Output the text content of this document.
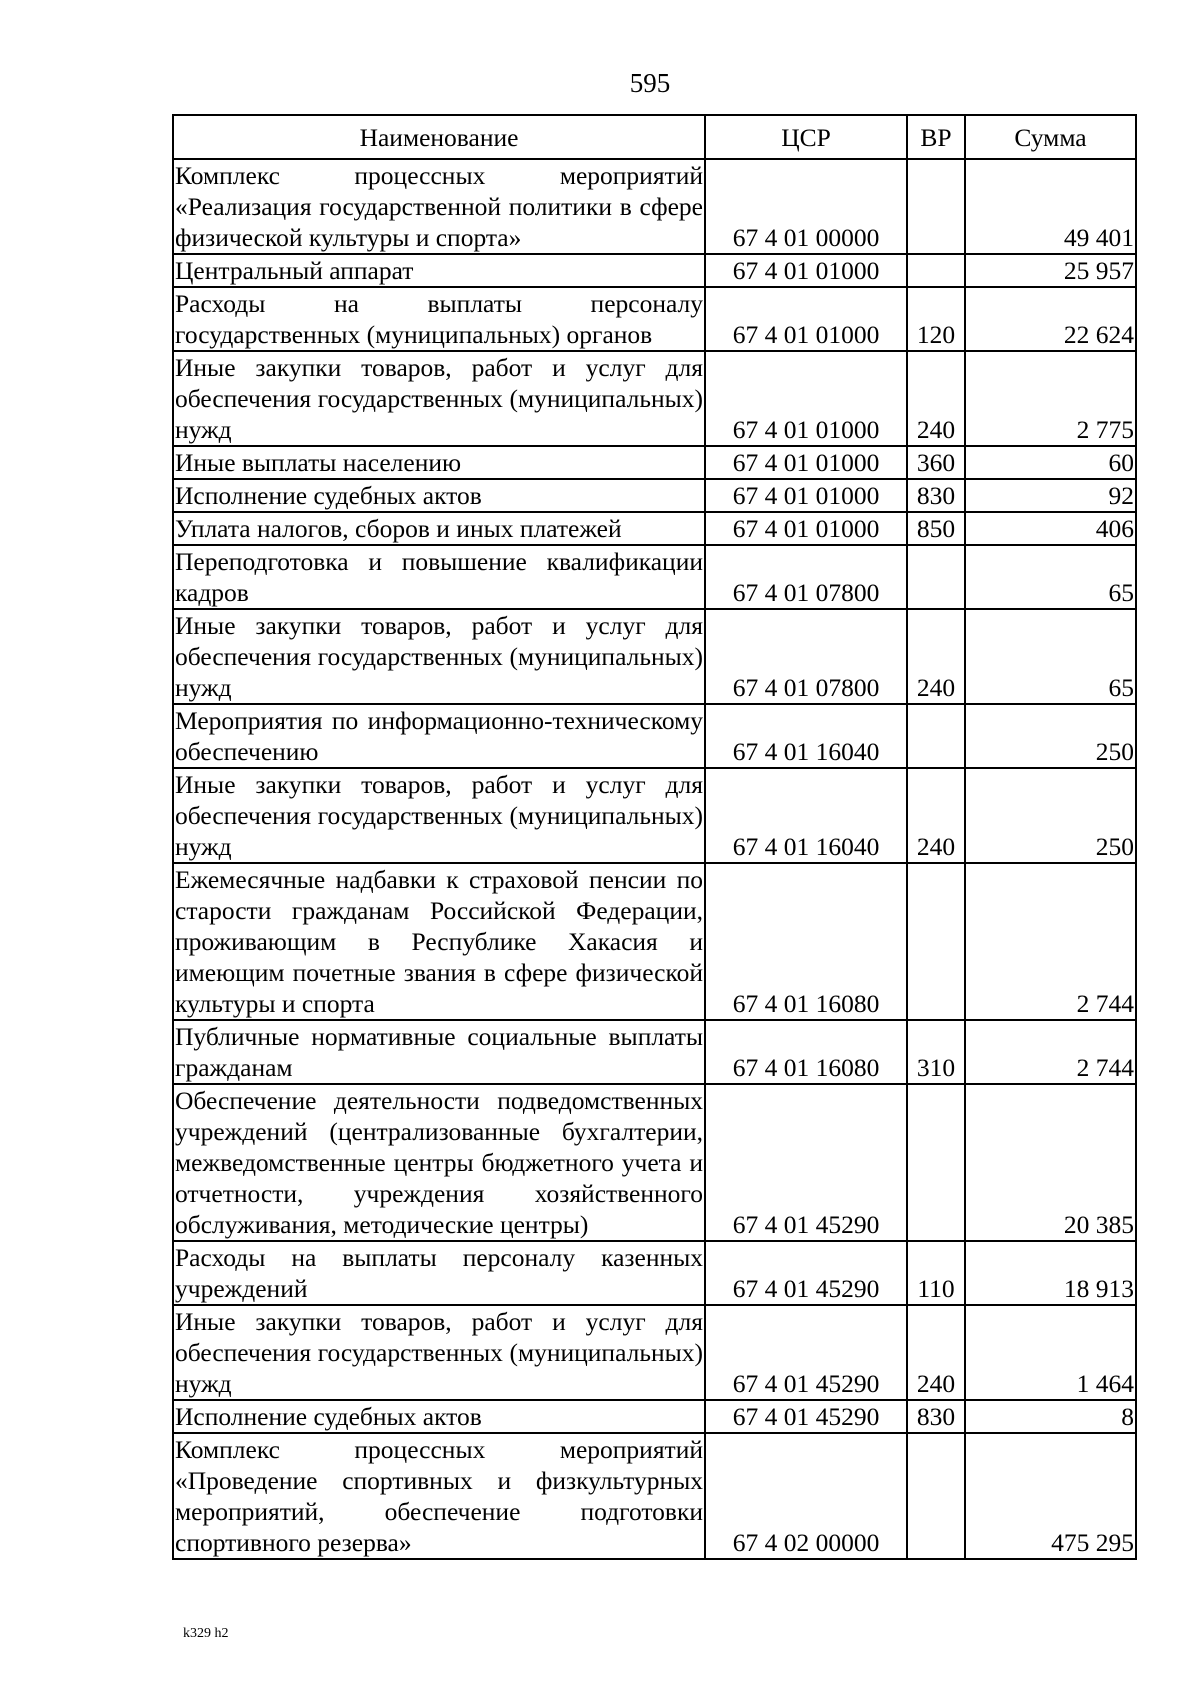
595
Наименование	ЦСР	ВР	Сумма
Комплекс процессных мероприятий «Реализация государственной политики в сфере физической культуры и спорта»	67 4 01 00000		49 401
Центральный аппарат	67 4 01 01000		25 957
Расходы на выплаты персоналу государственных (муниципальных) органов	67 4 01 01000	120	22 624
Иные закупки товаров, работ и услуг для обеспечения государственных (муниципальных) нужд	67 4 01 01000	240	2 775
Иные выплаты населению	67 4 01 01000	360	60
Исполнение судебных актов	67 4 01 01000	830	92
Уплата налогов, сборов и иных платежей	67 4 01 01000	850	406
Переподготовка и повышение квалификации кадров	67 4 01 07800		65
Иные закупки товаров, работ и услуг для обеспечения государственных (муниципальных) нужд	67 4 01 07800	240	65
Мероприятия по информационно-техническому обеспечению	67 4 01 16040		250
Иные закупки товаров, работ и услуг для обеспечения государственных (муниципальных) нужд	67 4 01 16040	240	250
Ежемесячные надбавки к страховой пенсии по старости гражданам Российской Федерации, проживающим в Республике Хакасия и имеющим почетные звания в сфере физической культуры и спорта	67 4 01 16080		2 744
Публичные нормативные социальные выплаты гражданам	67 4 01 16080	310	2 744
Обеспечение деятельности подведомственных учреждений (централизованные бухгалтерии, межведомственные центры бюджетного учета и отчетности, учреждения хозяйственного обслуживания, методические центры)	67 4 01 45290		20 385
Расходы на выплаты персоналу казенных учреждений	67 4 01 45290	110	18 913
Иные закупки товаров, работ и услуг для обеспечения государственных (муниципальных) нужд	67 4 01 45290	240	1 464
Исполнение судебных актов	67 4 01 45290	830	8
Комплекс процессных мероприятий «Проведение спортивных и физкультурных мероприятий, обеспечение подготовки спортивного резерва»	67 4 02 00000		475 295
k329 h2
